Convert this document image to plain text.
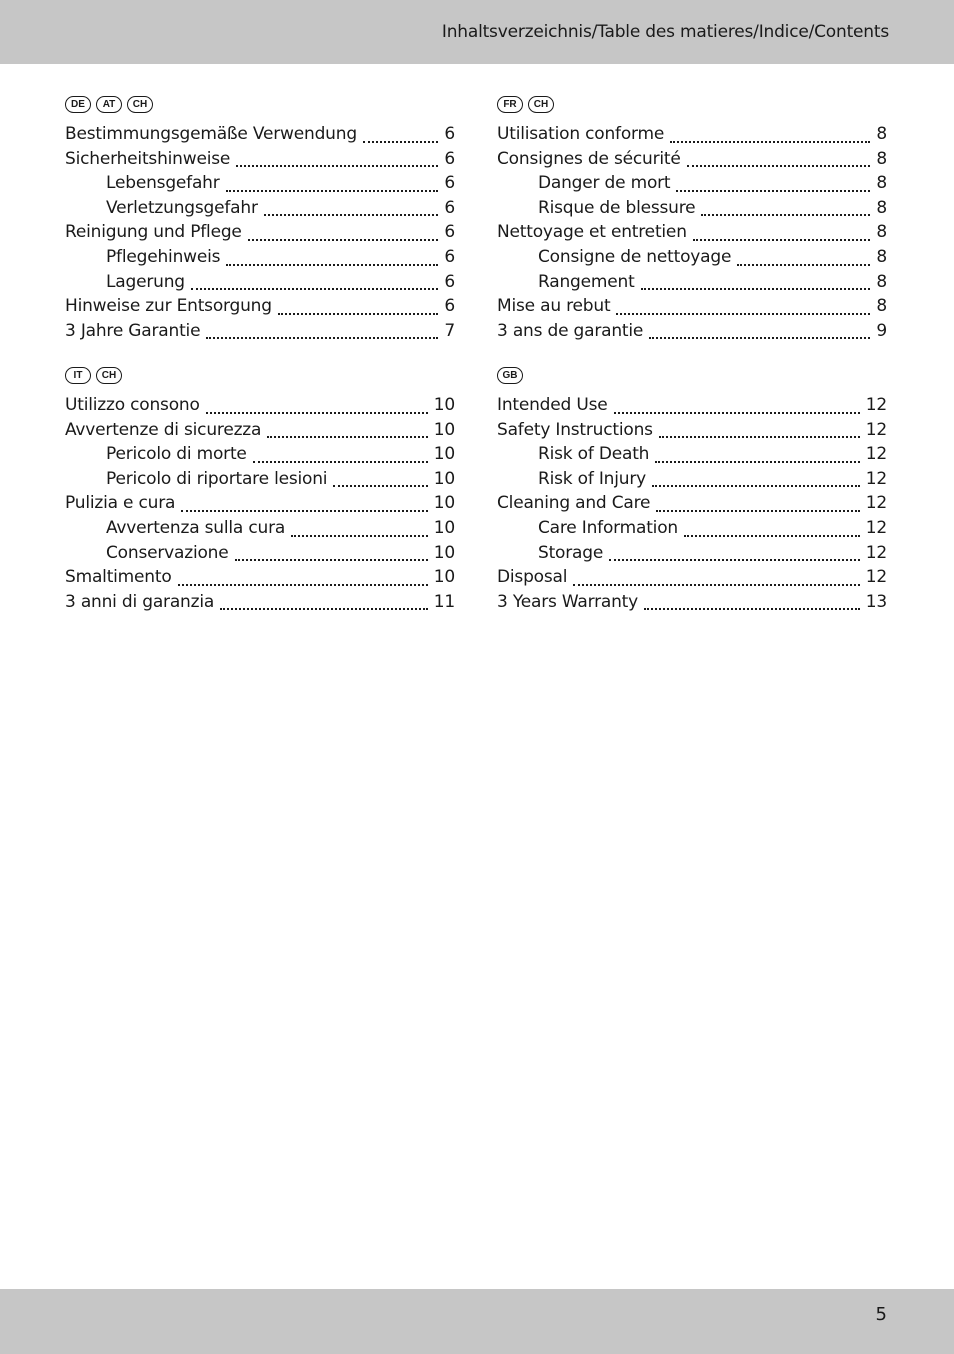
Inhaltsverzeichnis/Table des matieres/Indice/Contents
DE	AT	CH
Bestimmungsgemäße Verwendung	6
Sicherheitshinweise	6
Lebensgefahr	6
Verletzungsgefahr	6
Reinigung und Pflege	6
Pflegehinweis	6
Lagerung	6
Hinweise zur Entsorgung	6
3 Jahre Garantie	7
FR	CH
Utilisation conforme	8
Consignes de sécurité	8
Danger de mort	8
Risque de blessure	8
Nettoyage et entretien	8
Consigne de nettoyage	8
Rangement	8
Mise au rebut	8
3 ans de garantie	9
IT	CH
Utilizzo consono	10
Avvertenze di sicurezza	10
Pericolo di morte	10
Pericolo di riportare lesioni	10
Pulizia e cura	10
Avvertenza sulla cura	10
Conservazione	10
Smaltimento	10
3 anni di garanzia	11
GB
Intended Use	12
Safety Instructions	12
Risk of Death	12
Risk of Injury	12
Cleaning and Care	12
Care Information	12
Storage	12
Disposal	12
3 Years Warranty	13
5
